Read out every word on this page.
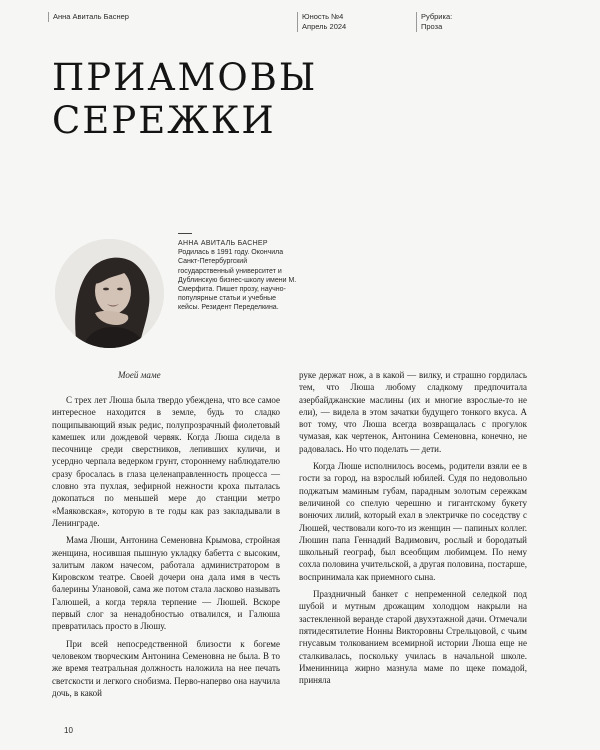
Анна Авиталь Баснер	Юность №4
Апрель 2024
Рубрика:
Проза
ПРИАМОВЫ
СЕРЕЖКИ
АННА АВИТАЛЬ БАСНЕР
Родилась в 1991 году. Окончила Санкт-Петербургский государственный университет и Дублинскую бизнес-школу имени М. Смерфита. Пишет прозу, научно-популярные статьи и учебные кейсы. Резидент Переделкина.
Моей маме

С трех лет Люша была твердо убеждена, что все самое интересное находится в земле, будь то сладко пощипывающий язык редис, полупрозрачный фиолетовый камешек или дождевой червяк. Когда Люша сидела в песочнице среди сверстников, лепивших куличи, и усердно черпала ведерком грунт, стороннему наблюдателю сразу бросалась в глаза целенаправленность процесса — словно эта пухлая, зефирной нежности кроха пыталась докопаться по меньшей мере до станции метро «Маяковская», которую в те годы как раз закладывали в Ленинграде.

Мама Люши, Антонина Семеновна Крымова, стройная женщина, носившая пышную укладку бабетта с высоким, залитым лаком начесом, работала администратором в Кировском театре. Своей дочери она дала имя в честь балерины Улановой, сама же потом стала ласково называть Галюшей, а когда теряла терпение — Люшей. Вскоре первый слог за ненадобностью отвалился, и Галюша превратилась просто в Люшу.

При всей непосредственной близости к богеме человеком творческим Антонина Семеновна не была. В то же время театральная должность наложила на нее печать светскости и легкого снобизма. Перво-наперво она научила дочь, в какой

руке держат нож, а в какой — вилку, и страшно гордилась тем, что Люша любому сладкому предпочитала азербайджанские маслины (их и многие взрослые-то не ели), — видела в этом зачатки будущего тонкого вкуса. А вот тому, что Люша всегда возвращалась с прогулок чумазая, как чертенок, Антонина Семеновна, конечно, не радовалась. Но что поделать — дети.

Когда Люше исполнилось восемь, родители взяли ее в гости за город, на взрослый юбилей. Судя по недовольно поджатым маминым губам, парадным золотым сережкам величиной со спелую черешню и гигантскому букету вонючих лилий, который ехал в электричке по соседству с Люшей, чествовали кого-то из женщин — папиных коллег. Люшин папа Геннадий Вадимович, рослый и бородатый школьный географ, был всеобщим любимцем. По нему сохла половина учительской, а другая половина, постарше, воспринимала как приемного сына.

Праздничный банкет с непременной селедкой под шубой и мутным дрожащим холодцом накрыли на застекленной веранде старой двухэтажной дачи. Отмечали пятидесятилетие Нонны Викторовны Стрельцовой, с чьим гнусавым толкованием всемирной истории Люша еще не сталкивалась, поскольку училась в начальной школе. Именинница жирно мазнула маме по щеке помадой, приняла

10
